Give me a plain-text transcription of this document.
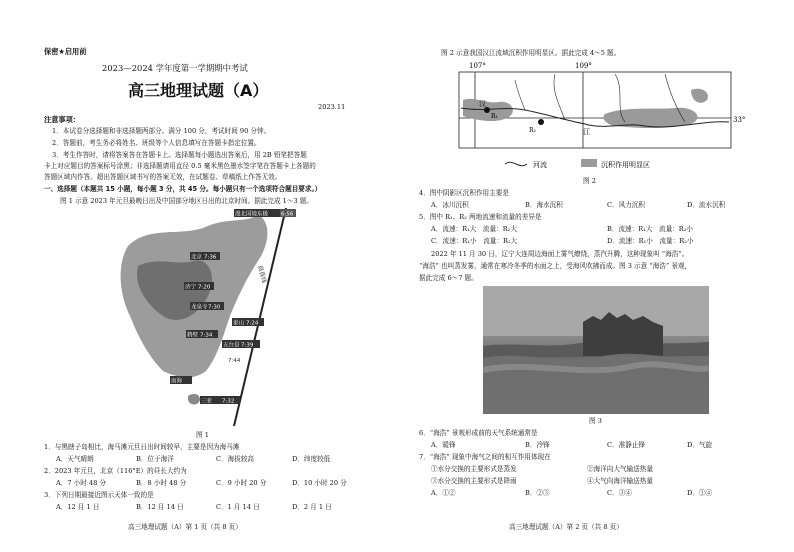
保密★启用前
2023—2024 学年度第一学期期中考试
高三地理试题（A）
2023.11
注意事项：
1．本试卷分选择题和非选择题两部分。满分 100 分，考试时间 90 分钟。
2．答题前，考生务必将姓名、班级等个人信息填写在答题卡指定位置。
3．考生作答时，请将答案答在答题卡上。选择题每小题选出答案后，用 2B 铅笔把答题
卡上对应题目的答案标号涂黑；非选择题请用直径 0.5 毫米黑色墨水签字笔在答题卡上各题的
答题区域内作答。超出答题区域书写的答案无效，在试题卷、草稿纸上作答无效。
一、选择题（本题共 15 小题，每小题 3 分，共 45 分。每小题只有一个选项符合题目要求。）
图 1 示意 2023 年元旦最晚日出及中国部分地区日出的北京时间。据此完成 1～3 题。
漠北国境东极 6:56
北京 7:36
济宁 7:20
龙泉寺 7:30
泰山 7:24
鹤壁 7:34
五台县 7:39
三亚 7:32
南海
7:44
晨昏线
图 1
1．与黑瞎子岛相比，海马滩元旦日出时间较早，主要是因为海马滩
A．天气晴朗	B．位于海洋	C．海拔较高	D．纬度较低
2．2023 年元旦，北京（116°E）的昼长大约为
A．7 小时 48 分	B．8 小时 48 分	C．9 小时 20 分	D．10 小时 20 分
3．下列日期最接近图示天体一致的是
A．12 月 1 日	B．12 月 14 日	C．1 月 14 日	D．2 月 1 日
高三地理试题（A）第 1 页（共 8 页）
图 2 示意我国汉江流域沉积作用明显区。据此完成 4～5 题。
107°	109°
33°
汉
R₁
R₂	江
河流	沉积作用明显区
图 2
4．图中阴影区沉积作用主要是
A．冰川沉积	B．海水沉积	C．风力沉积	D．流水沉积
5．图中 R₁、R₂ 两地流速和流量的差异是
A．流速：R₁大　流量：R₂大	B．流速：R₁大　流量：R₂小
C．流速：R₁小　流量：R₂大	D．流速：R₁小　流量：R₂小
2022 年 11 月 30 日，辽宁大连周边海面上雾气缭绕，蒸汽升腾，这种现象叫 “海浩”。
“海浩” 也叫蒸发雾，通常在寒冷冬季的水面之上，受海风吹拂而成。图 3 示意 “海浩” 景观，
据此完成 6～7 题。
图 3
6．“海浩” 景观形成前的天气系统通常是
A．暖锋	B．冷锋	C．准静止锋	D．气旋
7．“海浩” 现象中海气之间的相互作用体现在
①水分交换的主要形式是蒸发	②海洋向大气输送热量
③水分交换的主要形式是降雨	④大气向海洋输送热量
A．①②	B．②③	C．③④	D．①④
高三地理试题（A）第 2 页（共 8 页）
